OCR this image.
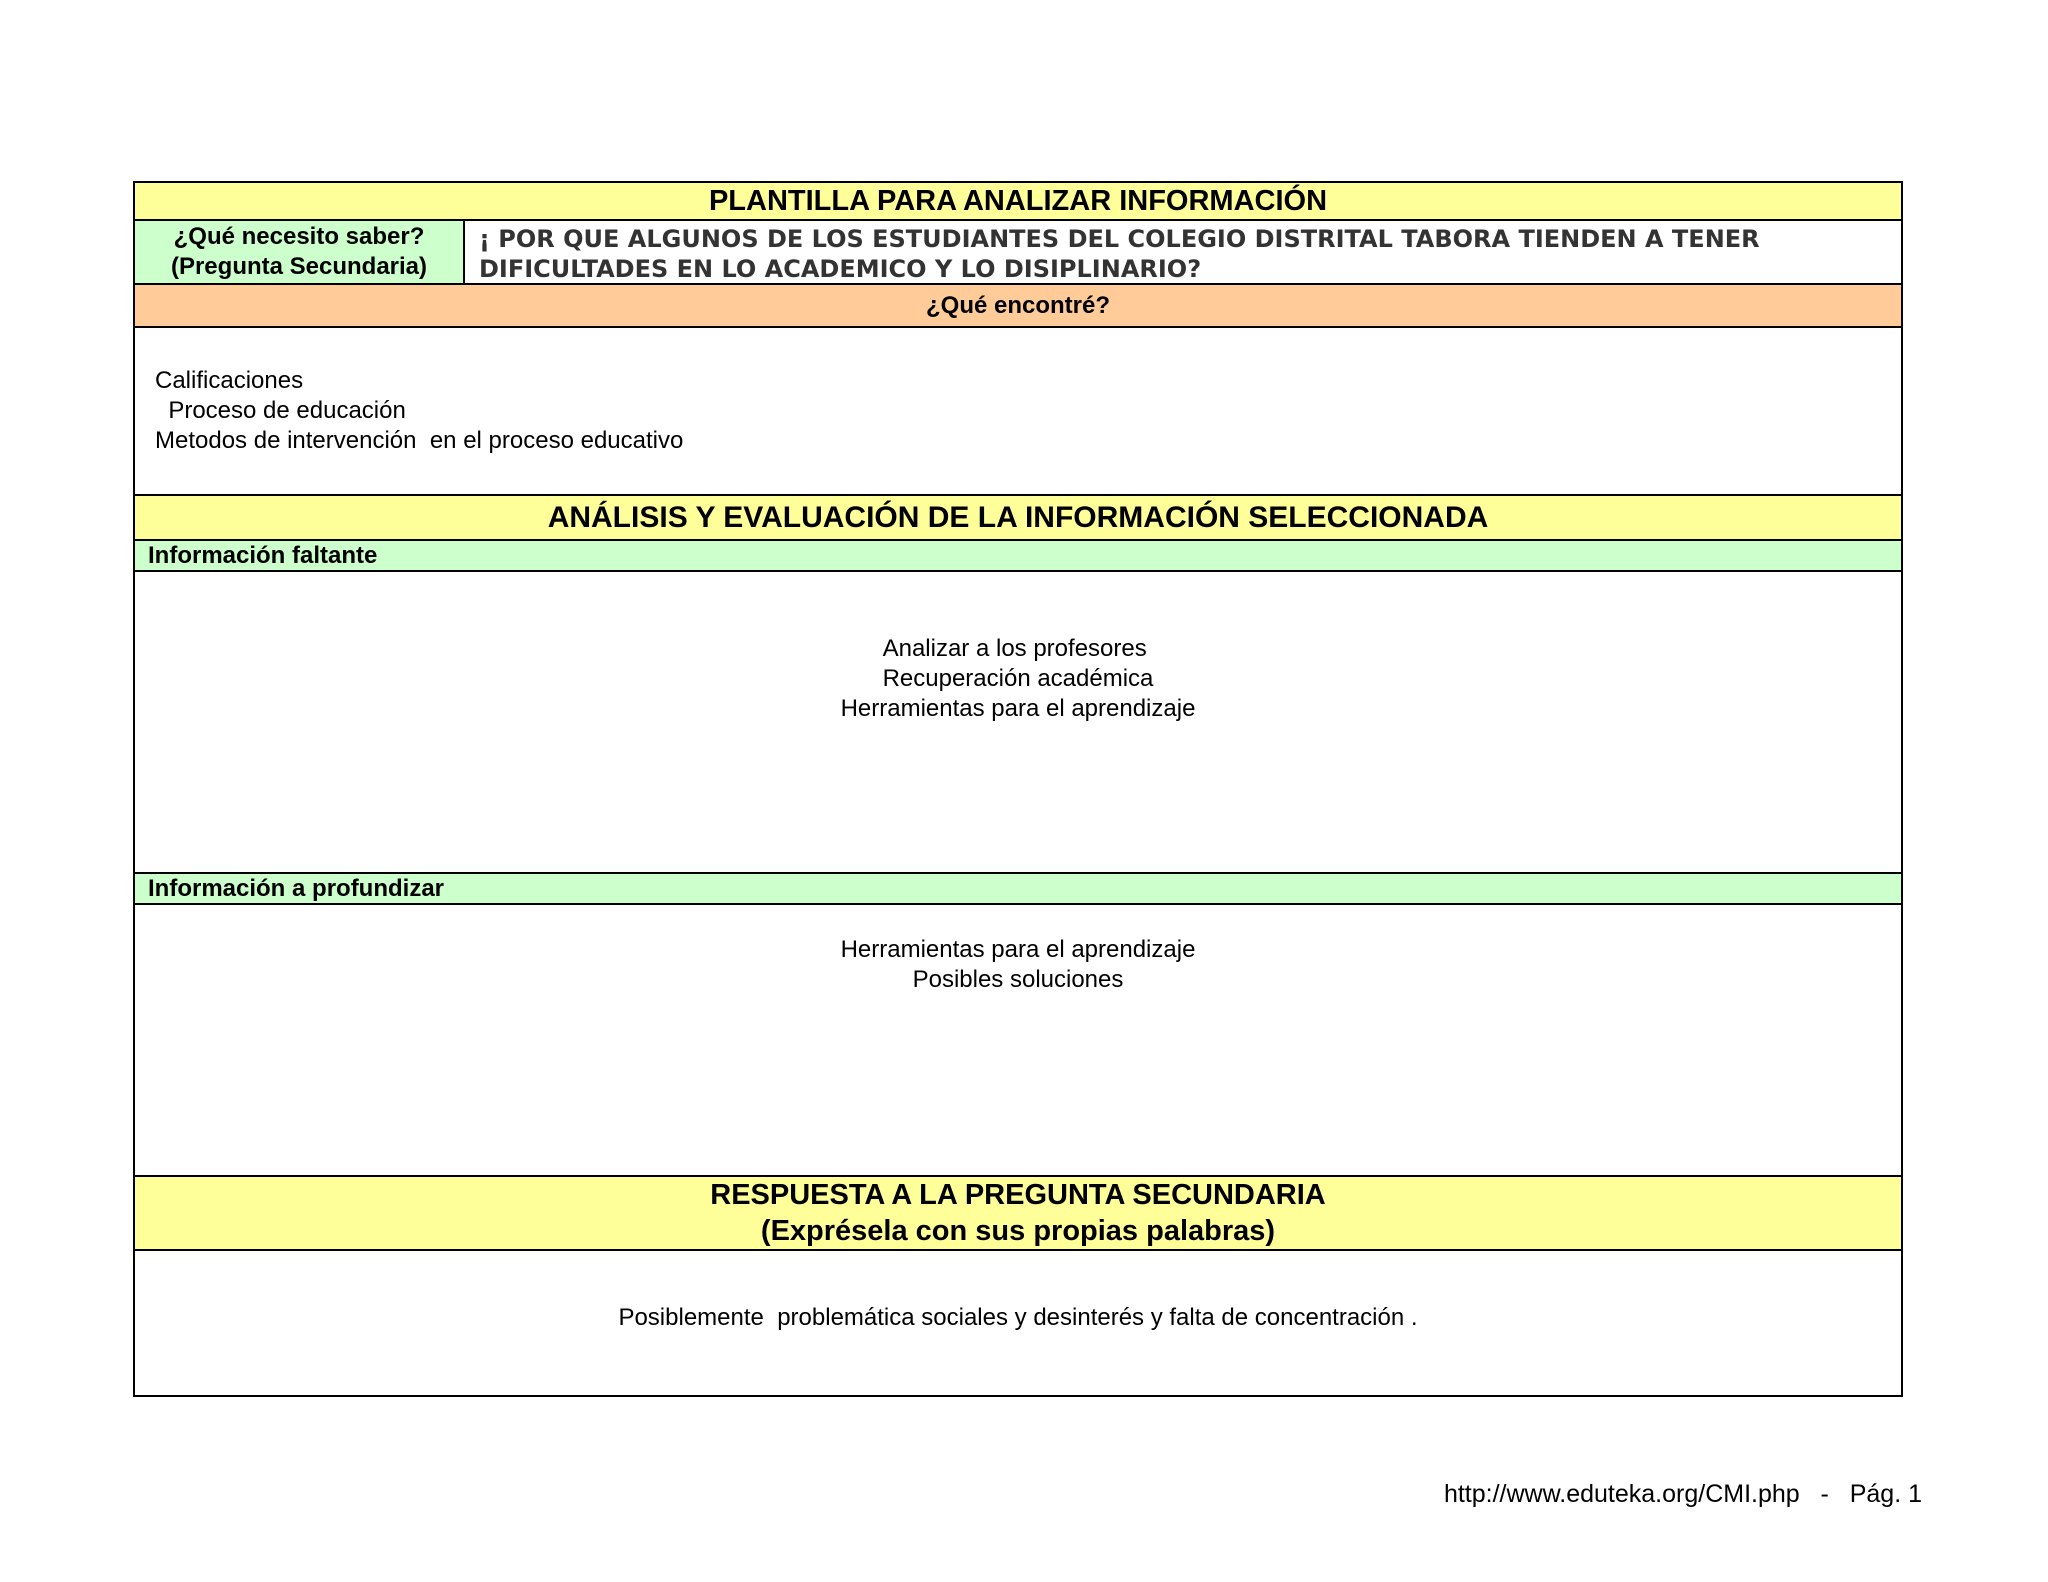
PLANTILLA PARA ANALIZAR INFORMACIÓN
¿Qué necesito saber?
(Pregunta Secundaria)
¡ POR QUE ALGUNOS DE LOS ESTUDIANTES DEL COLEGIO DISTRITAL TABORA TIENDEN A TENER DIFICULTADES EN LO ACADEMICO Y LO DISIPLINARIO?
¿Qué encontré?
Calificaciones
Proceso de educación
Metodos de intervención  en el proceso educativo
ANÁLISIS Y EVALUACIÓN DE LA INFORMACIÓN SELECCIONADA
Información faltante
Analizar a los profesores
Recuperación académica
Herramientas para el aprendizaje
Información a profundizar
Herramientas para el aprendizaje
Posibles soluciones
RESPUESTA A LA PREGUNTA SECUNDARIA
(Exprésela con sus propias palabras)
Posiblemente  problemática sociales y desinterés y falta de concentración .
http://www.eduteka.org/CMI.php - Pág. 1
